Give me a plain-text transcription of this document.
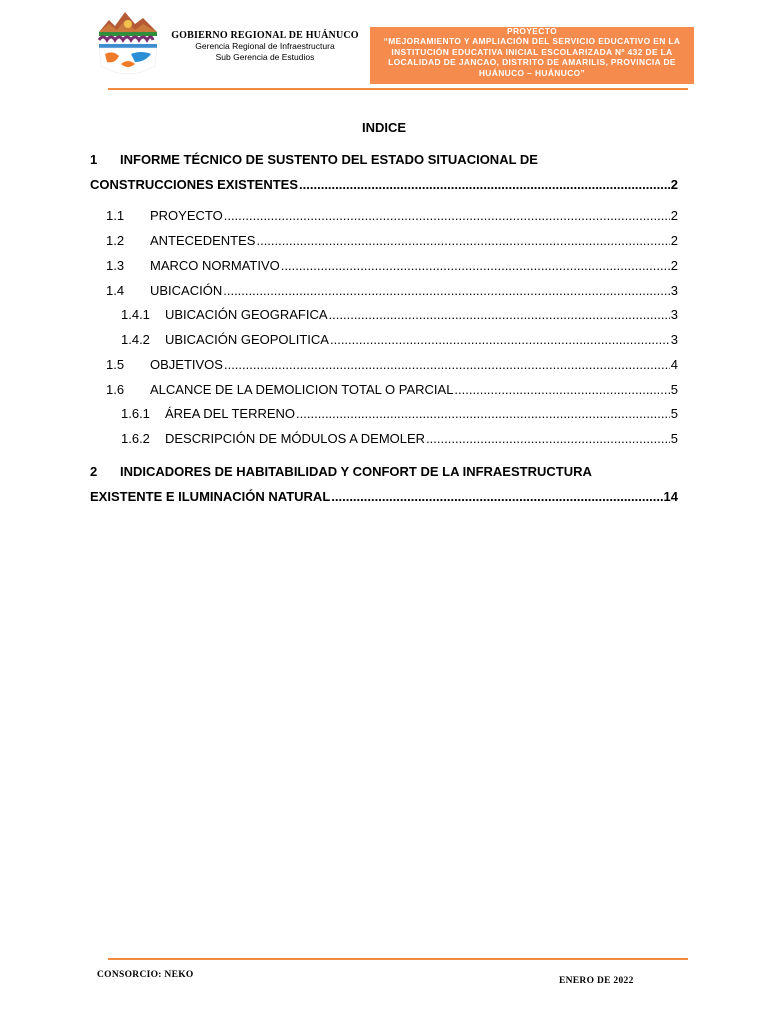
GOBIERNO REGIONAL DE HUÁNUCO
Gerencia Regional de Infraestructura
Sub Gerencia de Estudios
PROYECTO
“MEJORAMIENTO Y AMPLIACIÓN DEL SERVICIO EDUCATIVO EN LA
INSTITUCIÓN EDUCATIVA INICIAL ESCOLARIZADA Nº 432 DE LA
LOCALIDAD DE JANCAO, DISTRITO DE AMARILIS, PROVINCIA DE
HUÁNUCO – HUÁNUCO”
INDICE
1 INFORME TÉCNICO DE SUSTENTO DEL ESTADO SITUACIONAL DE
CONSTRUCCIONES EXISTENTES .....	2
1.1	PROYECTO .....	2
1.2	ANTECEDENTES .....	2
1.3	MARCO NORMATIVO .....	2
1.4	UBICACIÓN .....	3
1.4.1	UBICACIÓN GEOGRAFICA .....	3
1.4.2	UBICACIÓN GEOPOLITICA .....	3
1.5	OBJETIVOS .....	4
1.6	ALCANCE DE LA DEMOLICION TOTAL O PARCIAL .....	5
1.6.1	ÁREA DEL TERRENO .....	5
1.6.2	DESCRIPCIÓN DE MÓDULOS A DEMOLER .....	5
2 INDICADORES DE HABITABILIDAD Y CONFORT DE LA INFRAESTRUCTURA
EXISTENTE E ILUMINACIÓN NATURAL .....	14
CONSORCIO: NEKO
ENERO DE 2022
